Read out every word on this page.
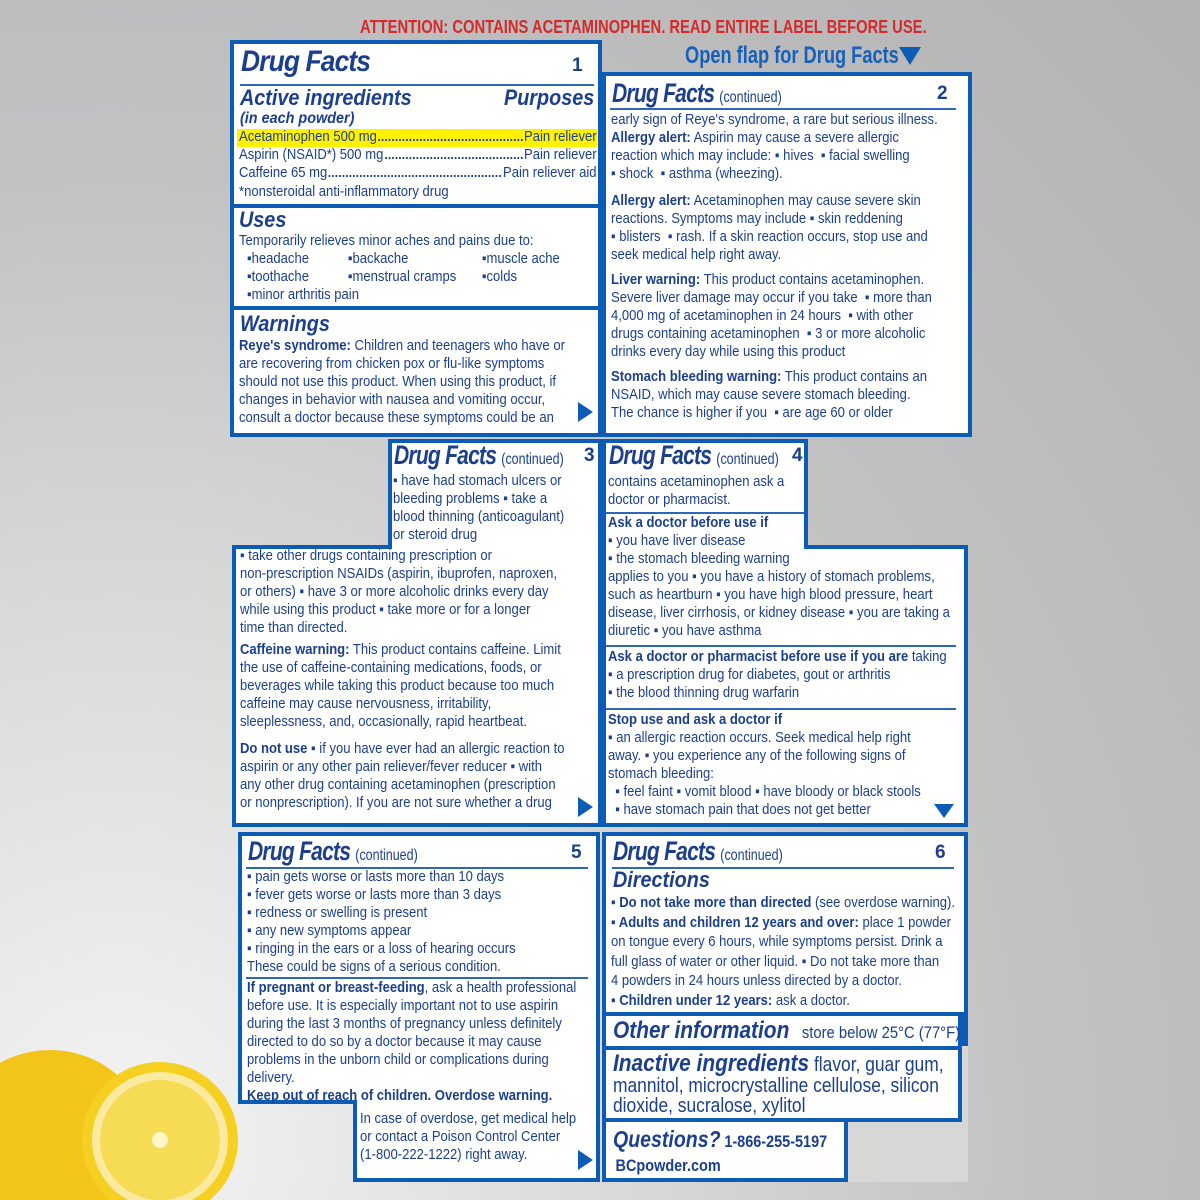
ATTENTION: CONTAINS ACETAMINOPHEN. READ ENTIRE LABEL BEFORE USE.
Open flap for Drug Facts
Drug Facts	1
Active ingredients	Purposes
(in each powder)
Acetaminophen 500 mg	Pain reliever
Aspirin (NSAID*) 500 mg	Pain reliever
Caffeine 65 mg	Pain reliever aid
*nonsteroidal anti-inflammatory drug
Uses
Temporarily relieves minor aches and pains due to:
▪headache	▪backache	▪muscle ache
▪toothache	▪menstrual cramps	▪colds
▪minor arthritis pain
Warnings
Reye's syndrome: Children and teenagers who have or
are recovering from chicken pox or flu-like symptoms
should not use this product. When using this product, if
changes in behavior with nausea and vomiting occur,
consult a doctor because these symptoms could be an
Drug Facts (continued)	2
early sign of Reye's syndrome, a rare but serious illness.
Allergy alert: Aspirin may cause a severe allergic
reaction which may include: ▪ hives  ▪ facial swelling
▪ shock  ▪ asthma (wheezing).
Allergy alert: Acetaminophen may cause severe skin
reactions. Symptoms may include ▪ skin reddening
▪ blisters  ▪ rash. If a skin reaction occurs, stop use and
seek medical help right away.
Liver warning: This product contains acetaminophen.
Severe liver damage may occur if you take  ▪ more than
4,000 mg of acetaminophen in 24 hours  ▪ with other
drugs containing acetaminophen  ▪ 3 or more alcoholic
drinks every day while using this product
Stomach bleeding warning: This product contains an
NSAID, which may cause severe stomach bleeding.
The chance is higher if you  ▪ are age 60 or older
Drug Facts (continued) 3
▪ have had stomach ulcers or
bleeding problems ▪ take a
blood thinning (anticoagulant)
or steroid drug
▪ take other drugs containing prescription or
non-prescription NSAIDs (aspirin, ibuprofen, naproxen,
or others) ▪ have 3 or more alcoholic drinks every day
while using this product ▪ take more or for a longer
time than directed.
Caffeine warning: This product contains caffeine. Limit
the use of caffeine-containing medications, foods, or
beverages while taking this product because too much
caffeine may cause nervousness, irritability,
sleeplessness, and, occasionally, rapid heartbeat.
Do not use ▪ if you have ever had an allergic reaction to
aspirin or any other pain reliever/fever reducer ▪ with
any other drug containing acetaminophen (prescription
or nonprescription). If you are not sure whether a drug
Drug Facts (continued) 4
contains acetaminophen ask a
doctor or pharmacist.
Ask a doctor before use if
▪ you have liver disease
▪ the stomach bleeding warning
applies to you ▪ you have a history of stomach problems,
such as heartburn ▪ you have high blood pressure, heart
disease, liver cirrhosis, or kidney disease ▪ you are taking a
diuretic ▪ you have asthma
Ask a doctor or pharmacist before use if you are taking
▪ a prescription drug for diabetes, gout or arthritis
▪ the blood thinning drug warfarin
Stop use and ask a doctor if
▪ an allergic reaction occurs. Seek medical help right
away. ▪ you experience any of the following signs of
stomach bleeding:
▪ feel faint ▪ vomit blood ▪ have bloody or black stools
▪ have stomach pain that does not get better
Drug Facts (continued)	5
▪ pain gets worse or lasts more than 10 days
▪ fever gets worse or lasts more than 3 days
▪ redness or swelling is present
▪ any new symptoms appear
▪ ringing in the ears or a loss of hearing occurs
These could be signs of a serious condition.
If pregnant or breast-feeding, ask a health professional
before use. It is especially important not to use aspirin
during the last 3 months of pregnancy unless definitely
directed to do so by a doctor because it may cause
problems in the unborn child or complications during
delivery.
Keep out of reach of children. Overdose warning.
In case of overdose, get medical help
or contact a Poison Control Center
(1-800-222-1222) right away.
Drug Facts (continued)	6
Directions
▪ Do not take more than directed (see overdose warning).
▪ Adults and children 12 years and over: place 1 powder
on tongue every 6 hours, while symptoms persist. Drink a
full glass of water or other liquid. ▪ Do not take more than
4 powders in 24 hours unless directed by a doctor.
▪ Children under 12 years: ask a doctor.
Other information store below 25°C (77°F)
Inactive ingredients flavor, guar gum,
mannitol, microcrystalline cellulose, silicon
dioxide, sucralose, xylitol
Questions? 1-866-255-5197
BCpowder.com
